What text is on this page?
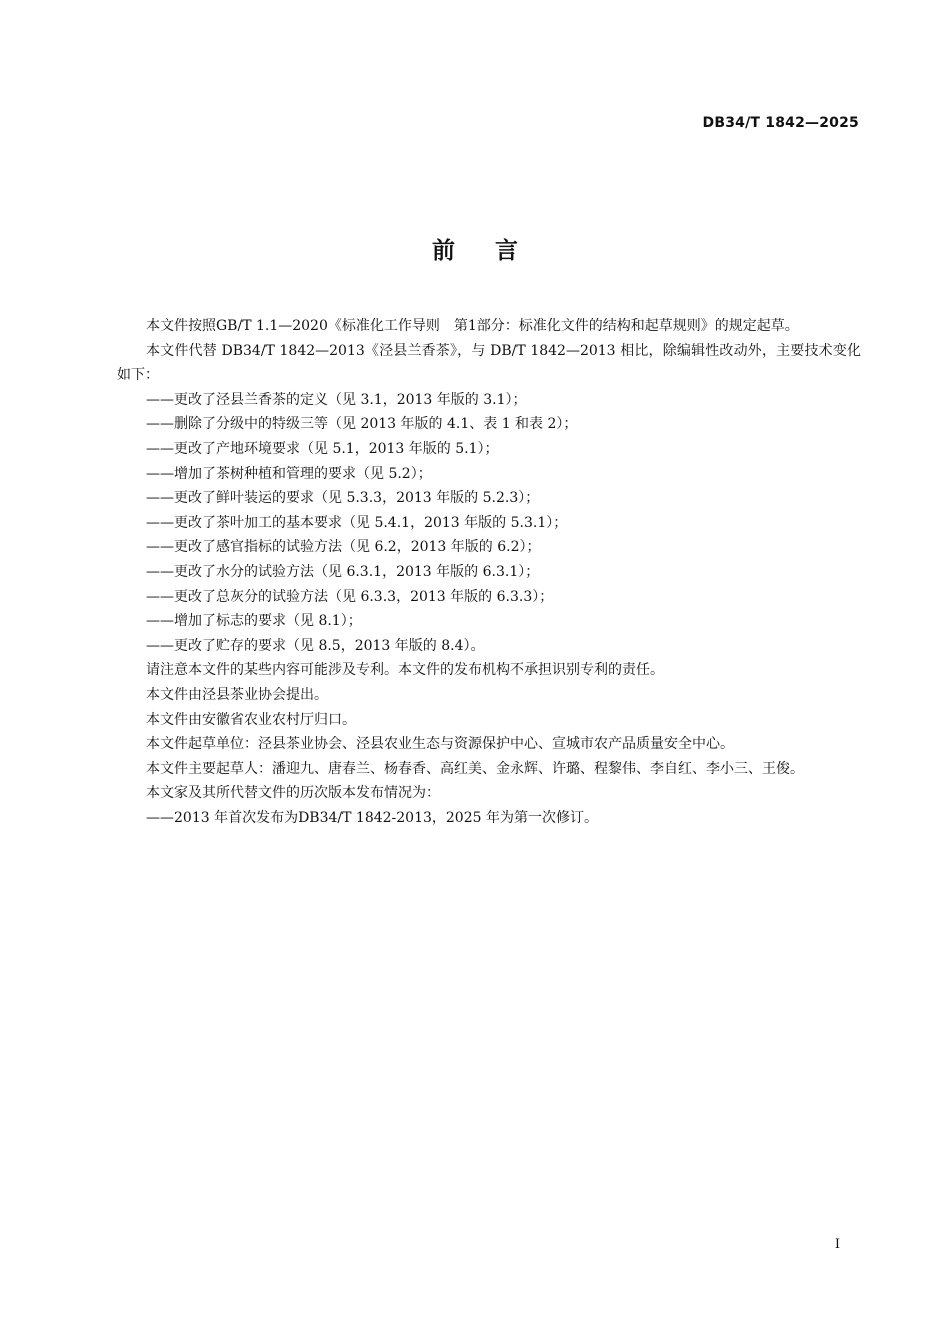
DB34/T 1842—2025
前言

本文件按照GB/T 1.1—2020《标准化工作导则　第1部分：标准化文件的结构和起草规则》的规定起草。

本文件代替 DB34/T 1842—2013《泾县兰香茶》，与 DB/T 1842—2013 相比，除编辑性改动外，主要技术变化如下：

——更改了泾县兰香茶的定义（见 3.1，2013 年版的 3.1）；

——删除了分级中的特级三等（见 2013 年版的 4.1、表 1 和表 2）；

——更改了产地环境要求（见 5.1，2013 年版的 5.1）；

——增加了茶树种植和管理的要求（见 5.2）；

——更改了鲜叶装运的要求（见 5.3.3，2013 年版的 5.2.3）；

——更改了茶叶加工的基本要求（见 5.4.1，2013 年版的 5.3.1）；

——更改了感官指标的试验方法（见 6.2，2013 年版的 6.2）；

——更改了水分的试验方法（见 6.3.1，2013 年版的 6.3.1）；

——更改了总灰分的试验方法（见 6.3.3，2013 年版的 6.3.3）；

——增加了标志的要求（见 8.1）；

——更改了贮存的要求（见 8.5，2013 年版的 8.4）。

请注意本文件的某些内容可能涉及专利。本文件的发布机构不承担识别专利的责任。

本文件由泾县茶业协会提出。

本文件由安徽省农业农村厅归口。

本文件起草单位：泾县茶业协会、泾县农业生态与资源保护中心、宣城市农产品质量安全中心。

本文件主要起草人：潘迎九、唐春兰、杨春香、高红美、金永辉、许璐、程黎伟、李自红、李小三、王俊。

本文家及其所代替文件的历次版本发布情况为：

——2013 年首次发布为DB34/T 1842-2013，2025 年为第一次修订。

I
